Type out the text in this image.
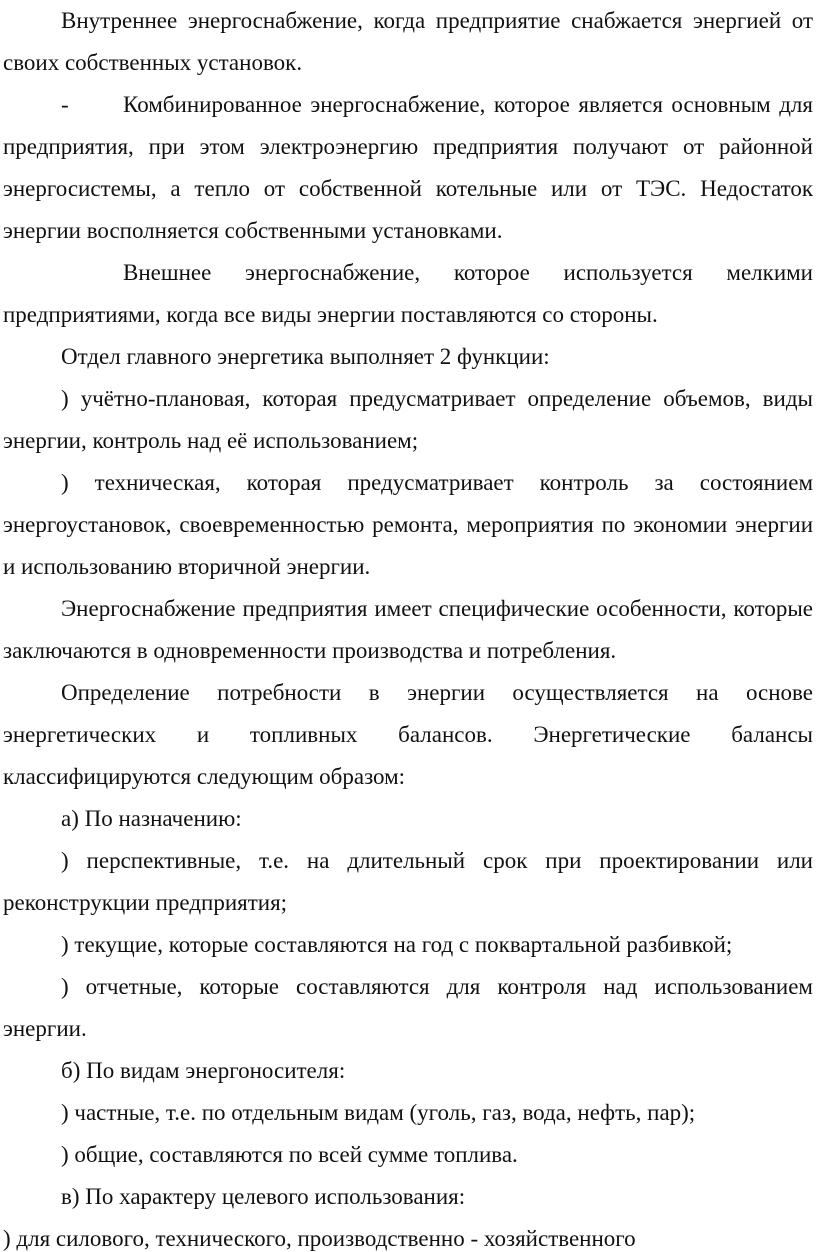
Внутреннее энергоснабжение, когда предприятие снабжается энергией от своих собственных установок.

- Комбинированное энергоснабжение, которое является основным для предприятия, при этом электроэнергию предприятия получают от районной энергосистемы, а тепло от собственной котельные или от ТЭС. Недостаток энергии восполняется собственными установками.

Внешнее энергоснабжение, которое используется мелкими предприятиями, когда все виды энергии поставляются со стороны.

Отдел главного энергетика выполняет 2 функции:

) учётно-плановая, которая предусматривает определение объемов, виды энергии, контроль над её использованием;

) техническая, которая предусматривает контроль за состоянием энергоустановок, своевременностью ремонта, мероприятия по экономии энергии и использованию вторичной энергии.

Энергоснабжение предприятия имеет специфические особенности, которые заключаются в одновременности производства и потребления.

Определение потребности в энергии осуществляется на основе энергетических и топливных балансов. Энергетические балансы классифицируются следующим образом:

а) По назначению:

) перспективные, т.е. на длительный срок при проектировании или реконструкции предприятия;

) текущие, которые составляются на год с поквартальной разбивкой;

) отчетные, которые составляются для контроля над использованием энергии.

б) По видам энергоносителя:

) частные, т.е. по отдельным видам (уголь, газ, вода, нефть, пар);

) общие, составляются по всей сумме топлива.

в) По характеру целевого использования:

) для силового, технического, производственно - хозяйственного
